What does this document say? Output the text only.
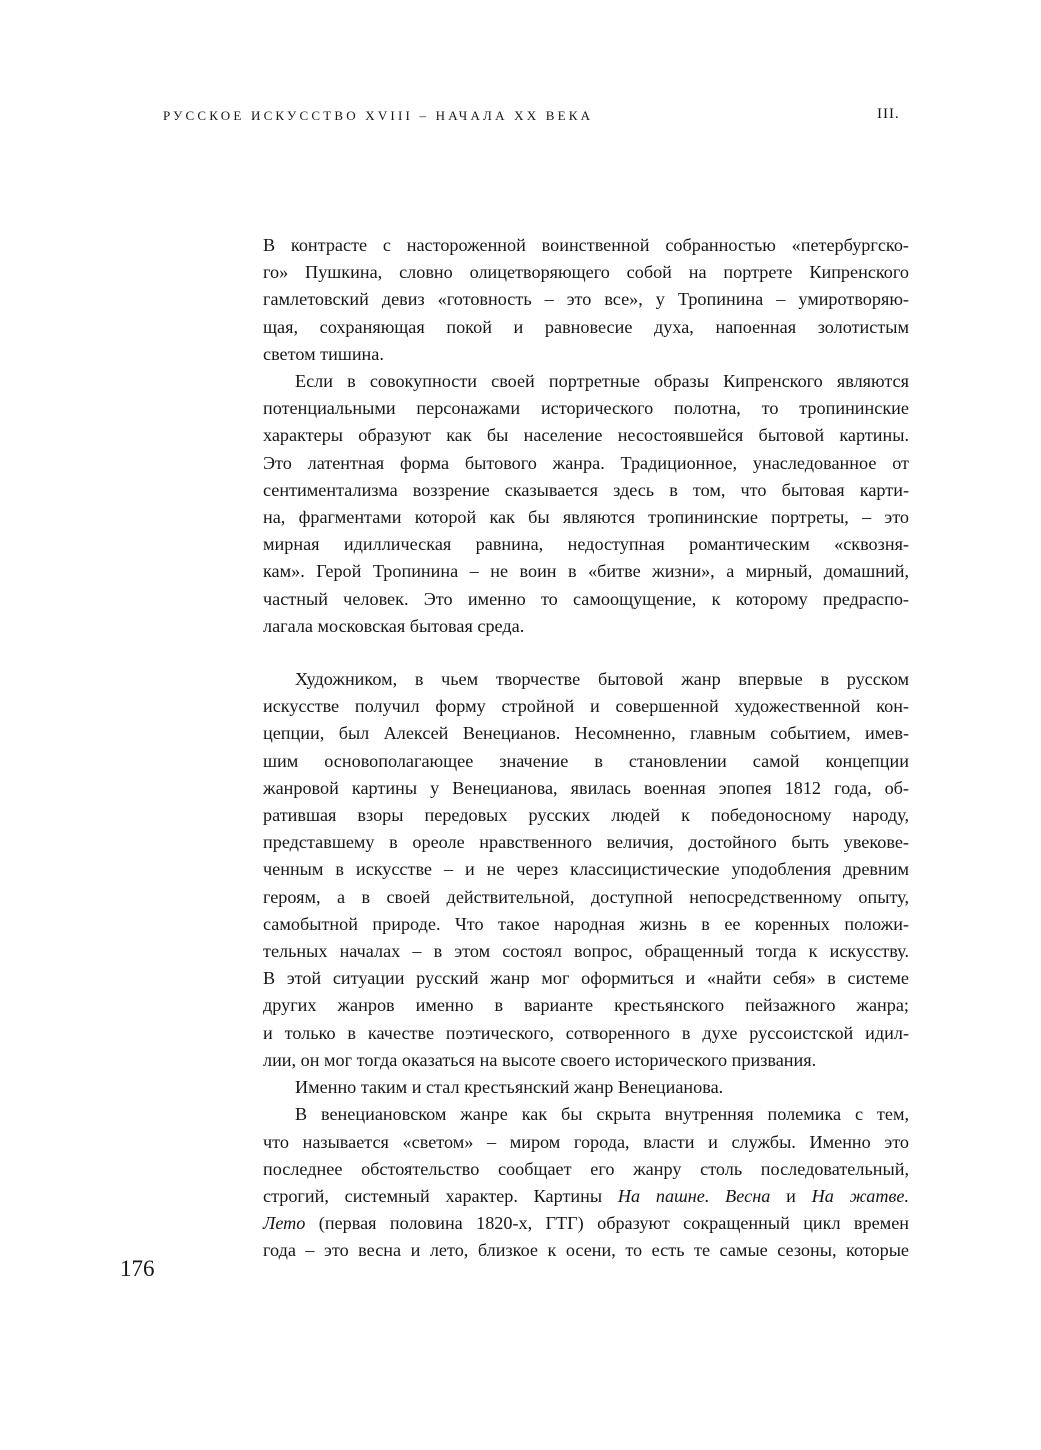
РУССКОЕ ИСКУССТВО XVIII – НАЧАЛА XX ВЕКА	III.
В контрасте с настороженной воинственной собранностью «петербургско-
го» Пушкина, словно олицетворяющего собой на портрете Кипренского
гамлетовский девиз «готовность – это все», у Тропинина – умиротворяю-
щая, сохраняющая покой и равновесие духа, напоенная золотистым
светом тишина.
Если в совокупности своей портретные образы Кипренского являются
потенциальными персонажами исторического полотна, то тропининские
характеры образуют как бы население несостоявшейся бытовой картины.
Это латентная форма бытового жанра. Традиционное, унаследованное от
сентиментализма воззрение сказывается здесь в том, что бытовая карти-
на, фрагментами которой как бы являются тропининские портреты, – это
мирная идиллическая равнина, недоступная романтическим «сквозня-
кам». Герой Тропинина – не воин в «битве жизни», а мирный, домашний,
частный человек. Это именно то самоощущение, к которому предраспо-
лагала московская бытовая среда.
Художником, в чьем творчестве бытовой жанр впервые в русском
искусстве получил форму стройной и совершенной художественной кон-
цепции, был Алексей Венецианов. Несомненно, главным событием, имев-
шим основополагающее значение в становлении самой концепции
жанровой картины у Венецианова, явилась военная эпопея 1812 года, об-
ратившая взоры передовых русских людей к победоносному народу,
представшему в ореоле нравственного величия, достойного быть увекове-
ченным в искусстве – и не через классицистические уподобления древним
героям, а в своей действительной, доступной непосредственному опыту,
самобытной природе. Что такое народная жизнь в ее коренных положи-
тельных началах – в этом состоял вопрос, обращенный тогда к искусству.
В этой ситуации русский жанр мог оформиться и «найти себя» в системе
других жанров именно в варианте крестьянского пейзажного жанра;
и только в качестве поэтического, сотворенного в духе руссоистской идил-
лии, он мог тогда оказаться на высоте своего исторического призвания.
Именно таким и стал крестьянский жанр Венецианова.
В венециановском жанре как бы скрыта внутренняя полемика с тем,
что называется «светом» – миром города, власти и службы. Именно это
последнее обстоятельство сообщает его жанру столь последовательный,
строгий, системный характер. Картины На пашне. Весна и На жатве.
Лето (первая половина 1820-х, ГТГ) образуют сокращенный цикл времен
года – это весна и лето, близкое к осени, то есть те самые сезоны, которые
176
